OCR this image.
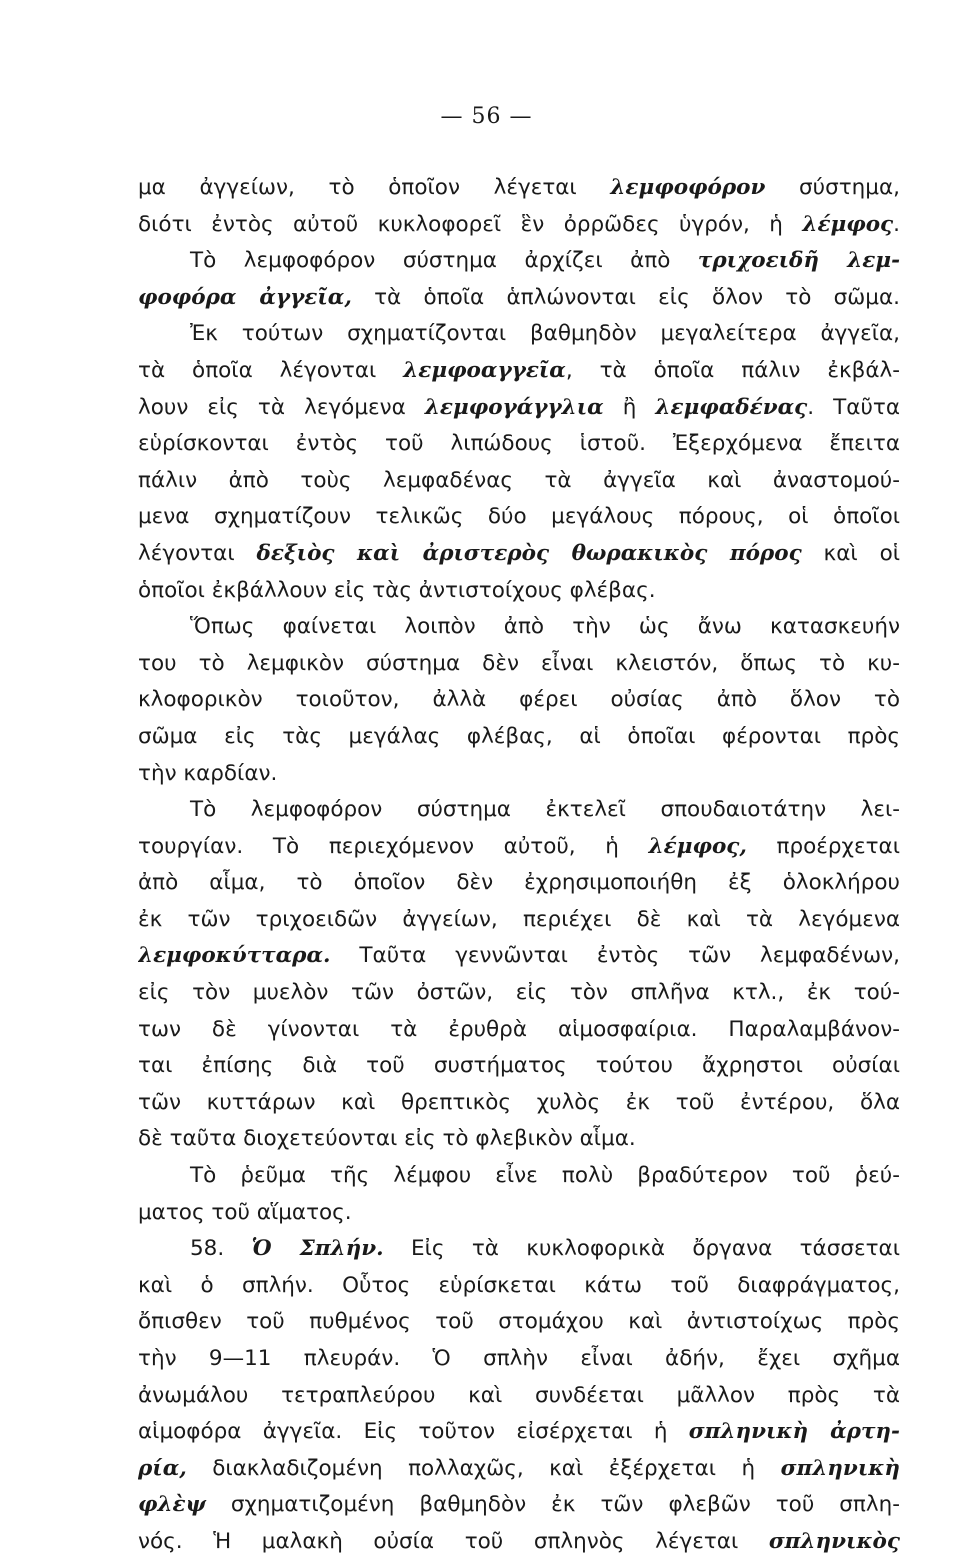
— 56 —
μα ἀγγείων, τὸ ὁποῖον λέγεται λεμφοφόρον σύστημα,
διότι ἐντὸς αὐτοῦ κυκλοφορεῖ ἓν ὀρρῶδες ὑγρόν, ἡ λέμφος.
Τὸ λεμφοφόρον σύστημα ἀρχίζει ἀπὸ τριχοειδῆ λεμ-
φοφόρα ἀγγεῖα, τὰ ὁποῖα ἁπλώνονται εἰς ὅλον τὸ σῶμα.
Ἐκ τούτων σχηματίζονται βαθμηδὸν μεγαλείτερα ἀγγεῖα,
τὰ ὁποῖα λέγονται λεμφοαγγεῖα, τὰ ὁποῖα πάλιν ἐκβάλ-
λουν εἰς τὰ λεγόμενα λεμφογάγγλια ἢ λεμφαδένας. Ταῦτα
εὑρίσκονται ἐντὸς τοῦ λιπώδους ἱστοῦ. Ἐξερχόμενα ἔπειτα
πάλιν ἀπὸ τοὺς λεμφαδένας τὰ ἀγγεῖα καὶ ἀναστομού-
μενα σχηματίζουν τελικῶς δύο μεγάλους πόρους, οἱ ὁποῖοι
λέγονται δεξιὸς καὶ ἀριστερὸς θωρακικὸς πόρος καὶ οἱ
ὁποῖοι ἐκβάλλουν εἰς τὰς ἀντιστοίχους φλέβας.
Ὅπως φαίνεται λοιπὸν ἀπὸ τὴν ὡς ἄνω κατασκευήν
του τὸ λεμφικὸν σύστημα δὲν εἶναι κλειστόν, ὅπως τὸ κυ-
κλοφορικὸν τοιοῦτον, ἀλλὰ φέρει οὐσίας ἀπὸ ὅλον τὸ
σῶμα εἰς τὰς μεγάλας φλέβας, αἱ ὁποῖαι φέρονται πρὸς
τὴν καρδίαν.
Τὸ λεμφοφόρον σύστημα ἐκτελεῖ σπουδαιοτάτην λει-
τουργίαν. Τὸ περιεχόμενον αὐτοῦ, ἡ λέμφος, προέρχεται
ἀπὸ αἷμα, τὸ ὁποῖον δὲν ἐχρησιμοποιήθη ἐξ ὁλοκλήρου
ἐκ τῶν τριχοειδῶν ἀγγείων, περιέχει δὲ καὶ τὰ λεγόμενα
λεμφοκύτταρα. Ταῦτα γεννῶνται ἐντὸς τῶν λεμφαδένων,
εἰς τὸν μυελὸν τῶν ὀστῶν, εἰς τὸν σπλῆνα κτλ., ἐκ τού-
των δὲ γίνονται τὰ ἐρυθρὰ αἱμοσφαίρια. Παραλαμβάνον-
ται ἐπίσης διὰ τοῦ συστήματος τούτου ἄχρηστοι οὐσίαι
τῶν κυττάρων καὶ θρεπτικὸς χυλὸς ἐκ τοῦ ἐντέρου, ὅλα
δὲ ταῦτα διοχετεύονται εἰς τὸ φλεβικὸν αἷμα.
Τὸ ῥεῦμα τῆς λέμφου εἶνε πολὺ βραδύτερον τοῦ ῥεύ-
ματος τοῦ αἵματος.
58. Ὁ Σπλήν. Εἰς τὰ κυκλοφορικὰ ὄργανα τάσσεται
καὶ ὁ σπλήν. Οὗτος εὑρίσκεται κάτω τοῦ διαφράγματος,
ὄπισθεν τοῦ πυθμένος τοῦ στομάχου καὶ ἀντιστοίχως πρὸς
τὴν 9—11 πλευράν. Ὁ σπλὴν εἶναι ἀδήν, ἔχει σχῆμα
ἀνωμάλου τετραπλεύρου καὶ συνδέεται μᾶλλον πρὸς τὰ
αἱμοφόρα ἀγγεῖα. Εἰς τοῦτον εἰσέρχεται ἡ σπληνικὴ ἀρτη-
ρία, διακλαδιζομένη πολλαχῶς, καὶ ἐξέρχεται ἡ σπληνικὴ
φλὲψ σχηματιζομένη βαθμηδὸν ἐκ τῶν φλεβῶν τοῦ σπλη-
νός. Ἡ μαλακὴ οὐσία τοῦ σπληνὸς λέγεται σπληνικὸς
